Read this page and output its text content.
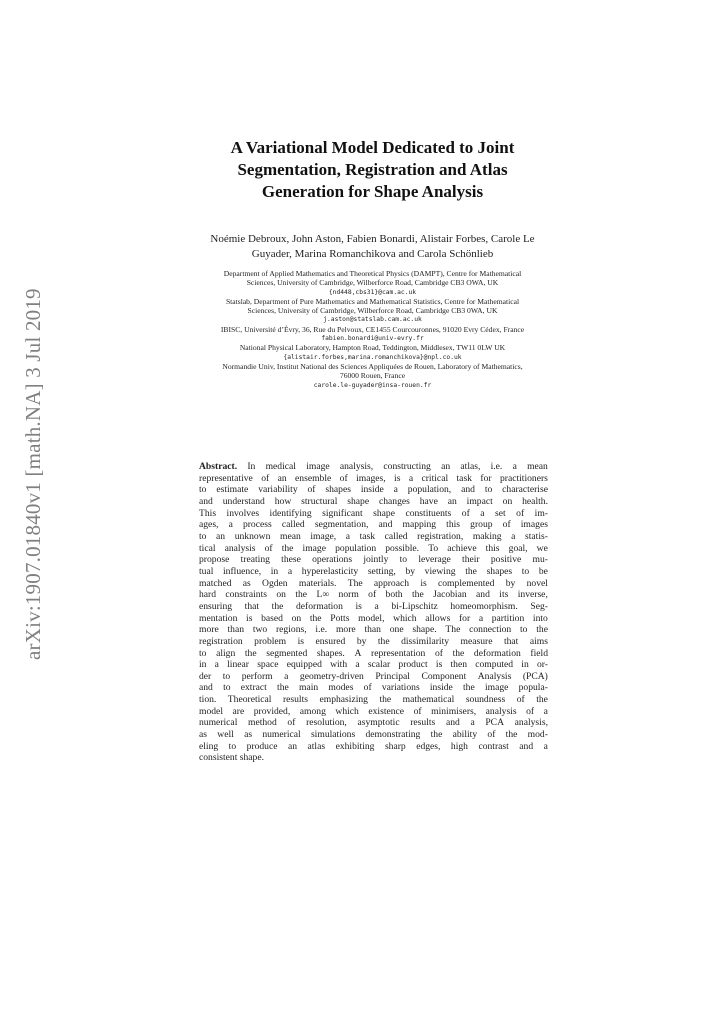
arXiv:1907.01840v1 [math.NA] 3 Jul 2019
A Variational Model Dedicated to Joint
Segmentation, Registration and Atlas
Generation for Shape Analysis
Noémie Debroux, John Aston, Fabien Bonardi, Alistair Forbes, Carole Le
Guyader, Marina Romanchikova and Carola Schönlieb
Department of Applied Mathematics and Theoretical Physics (DAMPT), Centre for Mathematical
Sciences, University of Cambridge, Wilberforce Road, Cambridge CB3 OWA, UK
{nd448,cbs31}@cam.ac.uk
Statslab, Department of Pure Mathematics and Mathematical Statistics, Centre for Mathematical
Sciences, University of Cambridge, Wilberforce Road, Cambridge CB3 0WA, UK
j.aston@statslab.cam.ac.uk
IBISC, Université d’Évry, 36, Rue du Pelvoux, CE1455 Courcouronnes, 91020 Evry Cédex, France
fabien.bonardi@univ-evry.fr
National Physical Laboratory, Hampton Road, Teddington, Middlesex, TW11 0LW UK
{alistair.forbes,marina.romanchikova}@npl.co.uk
Normandie Univ, Institut National des Sciences Appliquées de Rouen, Laboratory of Mathematics,
76000 Rouen, France
carole.le-guyader@insa-rouen.fr
Abstract. In medical image analysis, constructing an atlas, i.e. a mean
representative of an ensemble of images, is a critical task for practitioners
to estimate variability of shapes inside a population, and to characterise
and understand how structural shape changes have an impact on health.
This involves identifying significant shape constituents of a set of im-
ages, a process called segmentation, and mapping this group of images
to an unknown mean image, a task called registration, making a statis-
tical analysis of the image population possible. To achieve this goal, we
propose treating these operations jointly to leverage their positive mu-
tual influence, in a hyperelasticity setting, by viewing the shapes to be
matched as Ogden materials. The approach is complemented by novel
hard constraints on the L∞ norm of both the Jacobian and its inverse,
ensuring that the deformation is a bi-Lipschitz homeomorphism. Seg-
mentation is based on the Potts model, which allows for a partition into
more than two regions, i.e. more than one shape. The connection to the
registration problem is ensured by the dissimilarity measure that aims
to align the segmented shapes. A representation of the deformation field
in a linear space equipped with a scalar product is then computed in or-
der to perform a geometry-driven Principal Component Analysis (PCA)
and to extract the main modes of variations inside the image popula-
tion. Theoretical results emphasizing the mathematical soundness of the
model are provided, among which existence of minimisers, analysis of a
numerical method of resolution, asymptotic results and a PCA analysis,
as well as numerical simulations demonstrating the ability of the mod-
eling to produce an atlas exhibiting sharp edges, high contrast and a
consistent shape.
